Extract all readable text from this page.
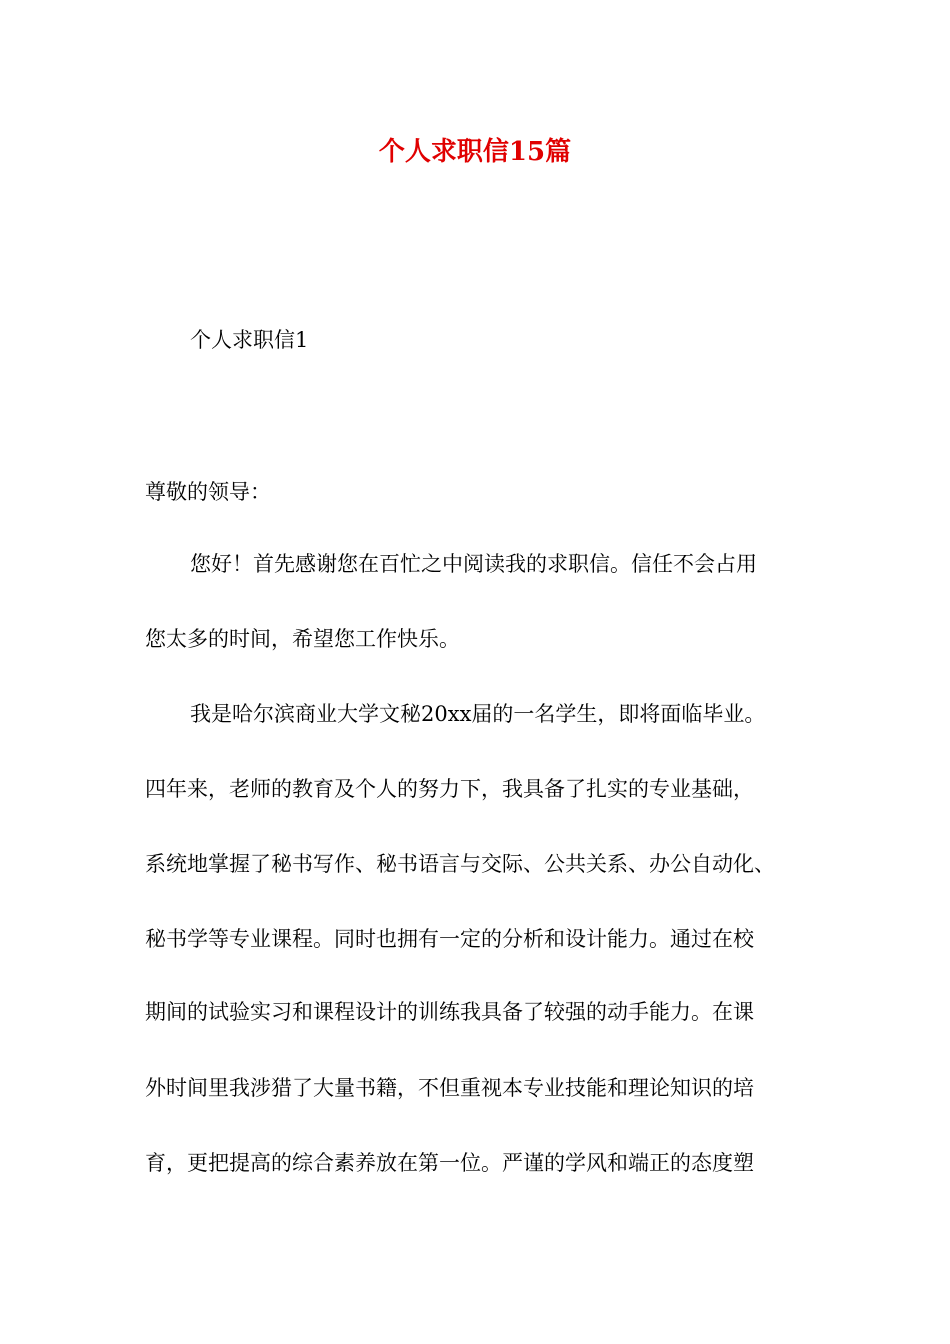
个人求职信15篇

个人求职信1

尊敬的领导：

您好！首先感谢您在百忙之中阅读我的求职信。信任不会占用

您太多的时间，希望您工作快乐。

我是哈尔滨商业大学文秘20xx届的一名学生，即将面临毕业。

四年来，老师的教育及个人的努力下，我具备了扎实的专业基础，

系统地掌握了秘书写作、秘书语言与交际、公共关系、办公自动化、

秘书学等专业课程。同时也拥有一定的分析和设计能力。通过在校

期间的试验实习和课程设计的训练我具备了较强的动手能力。在课

外时间里我涉猎了大量书籍，不但重视本专业技能和理论知识的培

育，更把提高的综合素养放在第一位。严谨的学风和端正的态度塑
